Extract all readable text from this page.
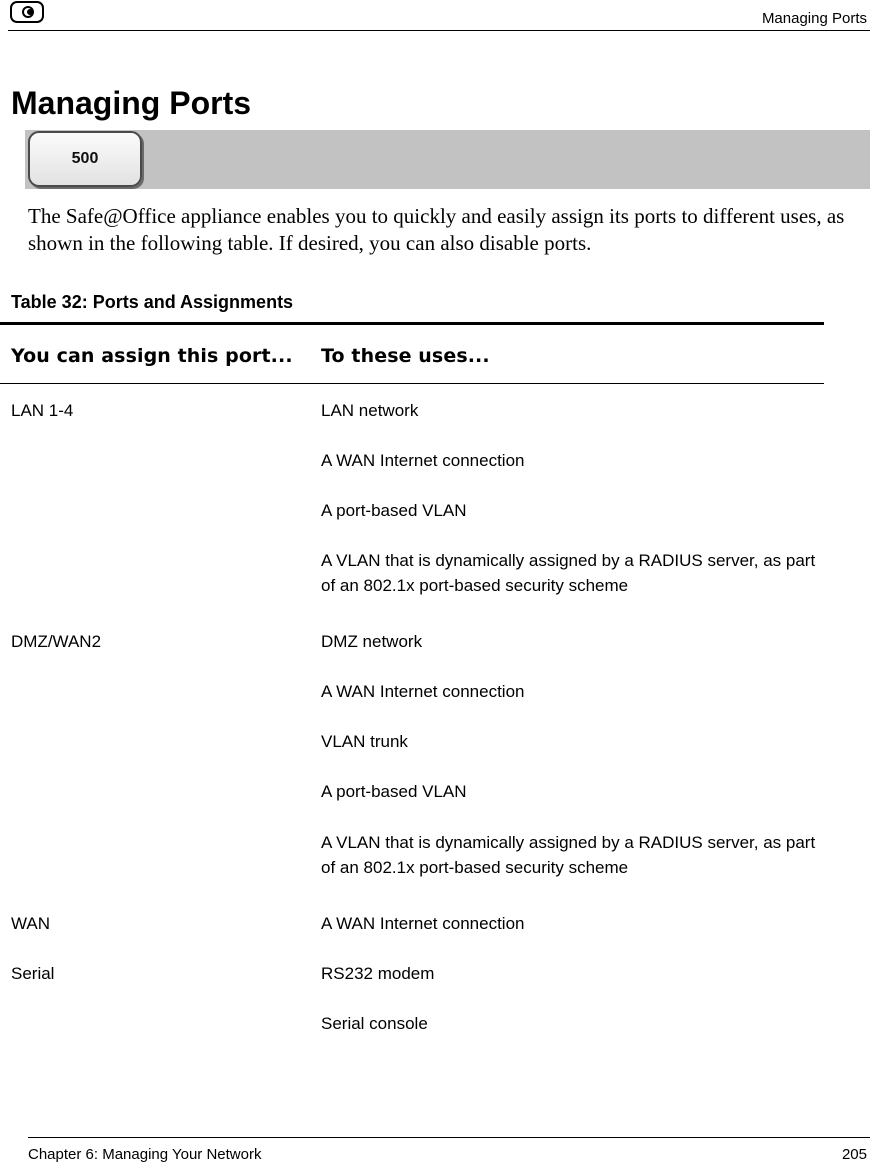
Managing Ports
Managing Ports
500

The Safe@Office appliance enables you to quickly and easily assign its ports to different uses, as shown in the following table. If desired, you can also disable ports.

Table 32: Ports and Assignments
You can assign this port... To these uses...
LAN 1-4	LAN network
A WAN Internet connection
A port-based VLAN
A VLAN that is dynamically assigned by a RADIUS server, as part of an 802.1x port-based security scheme
DMZ/WAN2	DMZ network
A WAN Internet connection
VLAN trunk
A port-based VLAN
A VLAN that is dynamically assigned by a RADIUS server, as part of an 802.1x port-based security scheme
WAN	A WAN Internet connection
Serial	RS232 modem
Serial console
Chapter 6: Managing Your Network	205
